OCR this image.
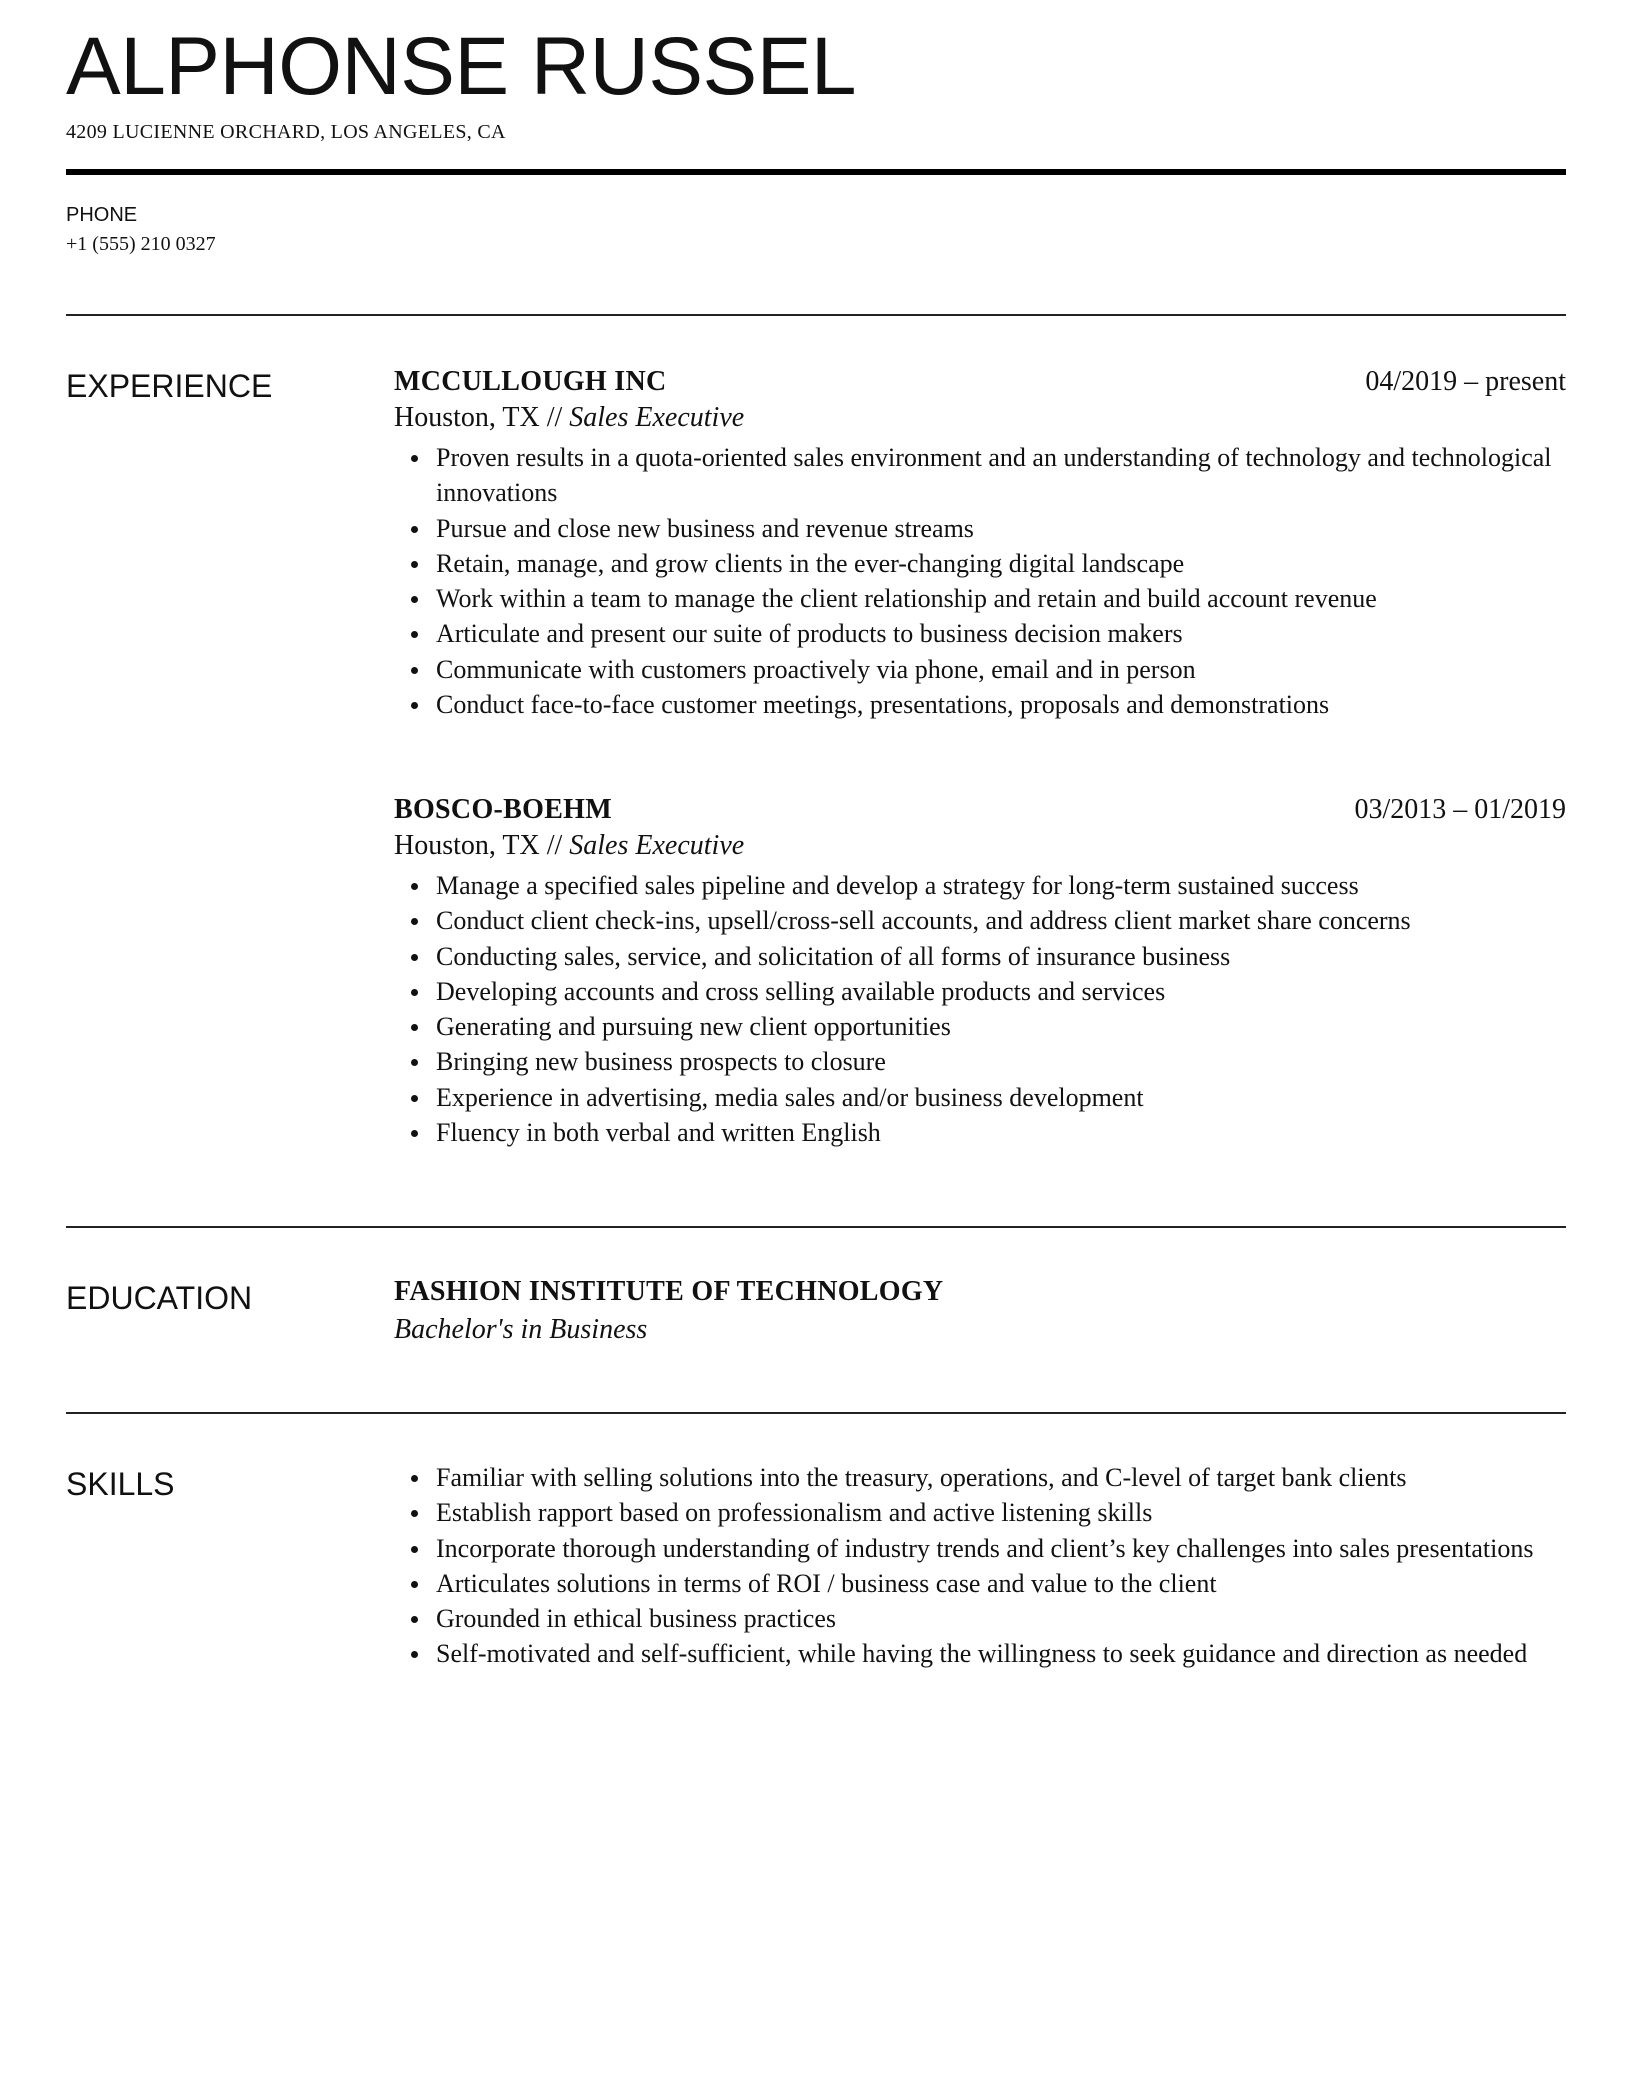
ALPHONSE RUSSEL
4209 LUCIENNE ORCHARD, LOS ANGELES, CA
PHONE
+1 (555) 210 0327
EXPERIENCE	MCCULLOUGH INC	04/2019 – present
Houston, TX // Sales Executive
Proven results in a quota-oriented sales environment and an understanding of technology and technological innovations
Pursue and close new business and revenue streams
Retain, manage, and grow clients in the ever-changing digital landscape
Work within a team to manage the client relationship and retain and build account revenue
Articulate and present our suite of products to business decision makers
Communicate with customers proactively via phone, email and in person
Conduct face-to-face customer meetings, presentations, proposals and demonstrations
BOSCO-BOEHM	03/2013 – 01/2019
Houston, TX // Sales Executive
Manage a specified sales pipeline and develop a strategy for long-term sustained success
Conduct client check-ins, upsell/cross-sell accounts, and address client market share concerns
Conducting sales, service, and solicitation of all forms of insurance business
Developing accounts and cross selling available products and services
Generating and pursuing new client opportunities
Bringing new business prospects to closure
Experience in advertising, media sales and/or business development
Fluency in both verbal and written English
EDUCATION	FASHION INSTITUTE OF TECHNOLOGY
Bachelor's in Business
SKILLS	Familiar with selling solutions into the treasury, operations, and C-level of target bank clients
Establish rapport based on professionalism and active listening skills
Incorporate thorough understanding of industry trends and client’s key challenges into sales presentations
Articulates solutions in terms of ROI / business case and value to the client
Grounded in ethical business practices
Self-motivated and self-sufficient, while having the willingness to seek guidance and direction as needed
